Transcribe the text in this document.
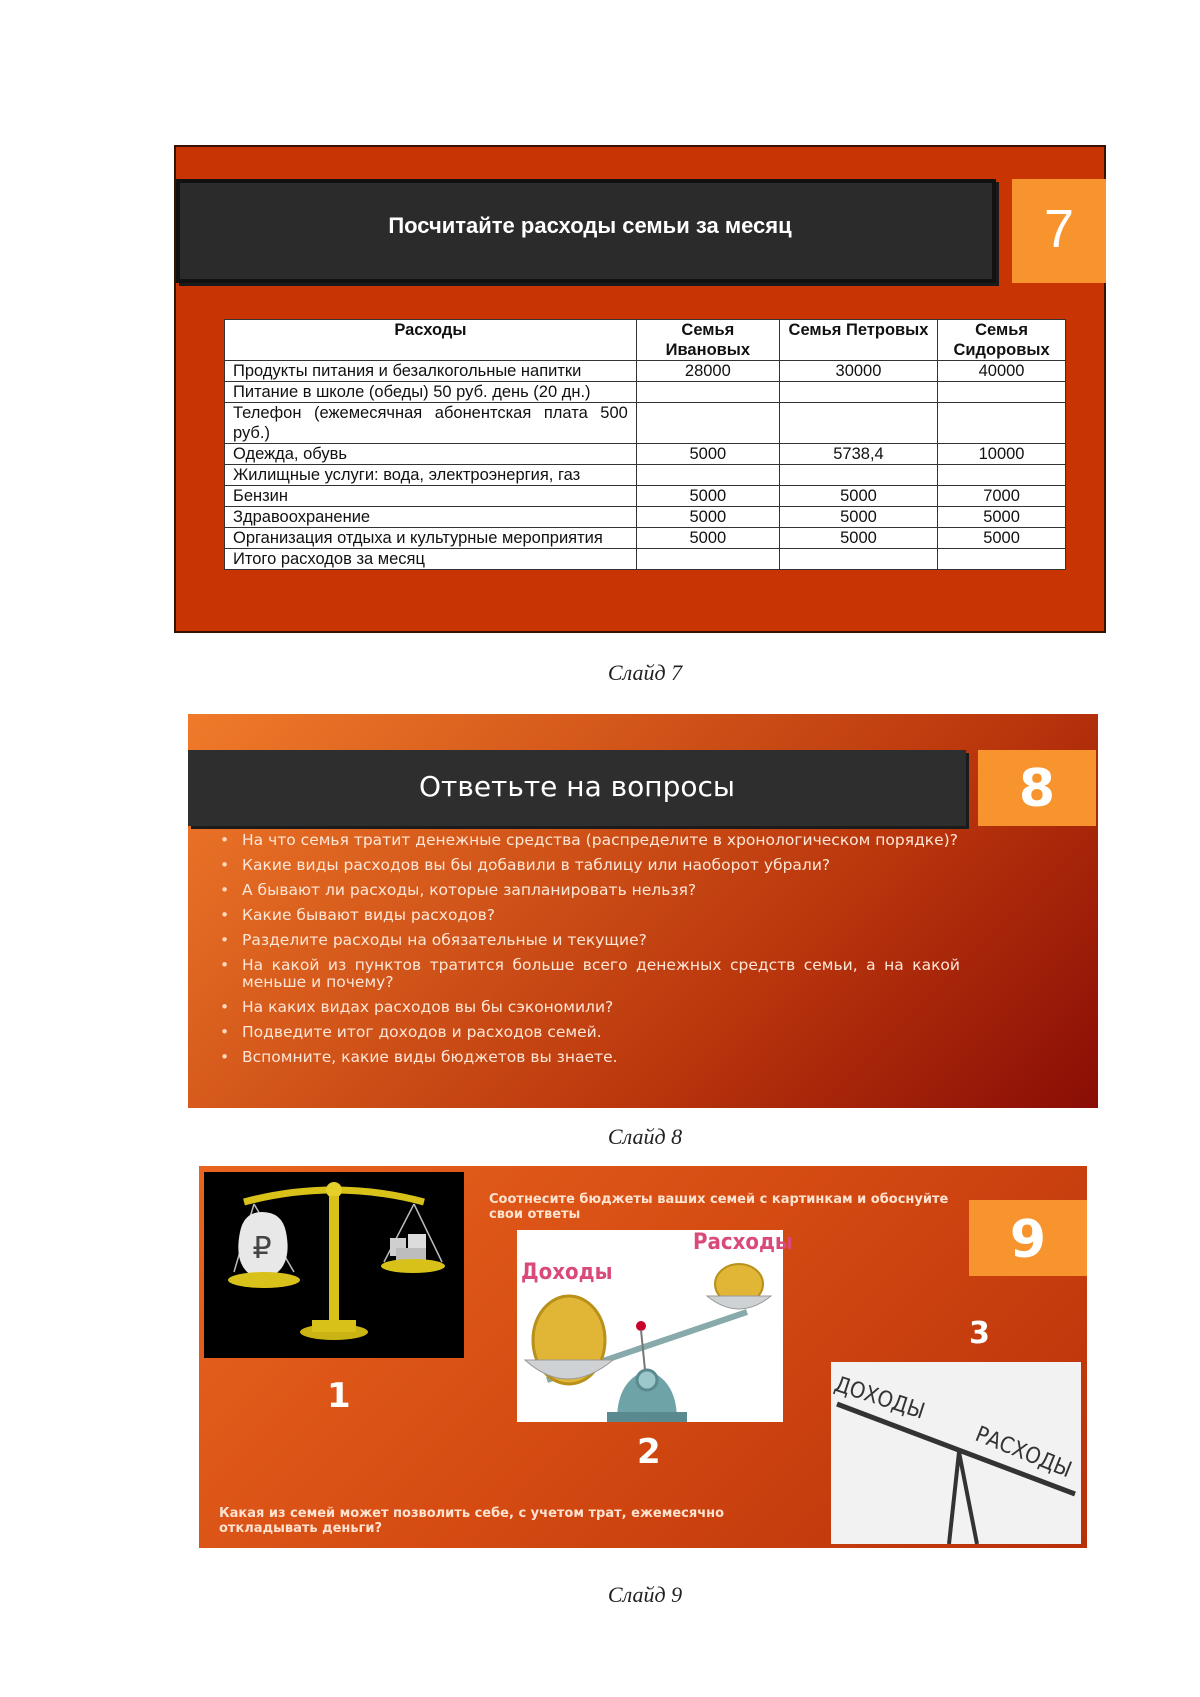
Посчитайте расходы семьи за месяц	7
Расходы	Семья Ивановых	Семья Петровых	Семья Сидоровых
Продукты питания и безалкогольные напитки	28000	30000	40000
Питание в школе (обеды) 50 руб. день (20 дн.)			
Телефон (ежемесячная абонентская плата 500 руб.)			
Одежда, обувь	5000	5738,4	10000
Жилищные услуги: вода, электроэнергия, газ			
Бензин	5000	5000	7000
Здравоохранение	5000	5000	5000
Организация отдыха и культурные мероприятия	5000	5000	5000
Итого расходов за месяц			
Слайд 7
Ответьте на вопросы	8
• На что семья тратит денежные средства (распределите в хронологическом порядке)?
• Какие виды расходов вы бы добавили в таблицу или наоборот убрали?
• А бывают ли расходы, которые запланировать нельзя?
• Какие бывают виды расходов?
• Разделите расходы на обязательные и текущие?
• На какой из пунктов тратится больше всего денежных средств семьи, а на какой меньше и почему?
• На каких видах расходов вы бы сэкономили?
• Подведите итог доходов и расходов семей.
• Вспомните, какие виды бюджетов вы знаете.
Слайд 8
₽
1
Соотнесите бюджеты ваших семей с картинкам и обоснуйте свои ответы	9
Доходы
Расходы
2
3
ДОХОДЫ
РАСХОДЫ
Какая из семей может позволить себе, с учетом трат, ежемесячно откладывать деньги?
Слайд 9
